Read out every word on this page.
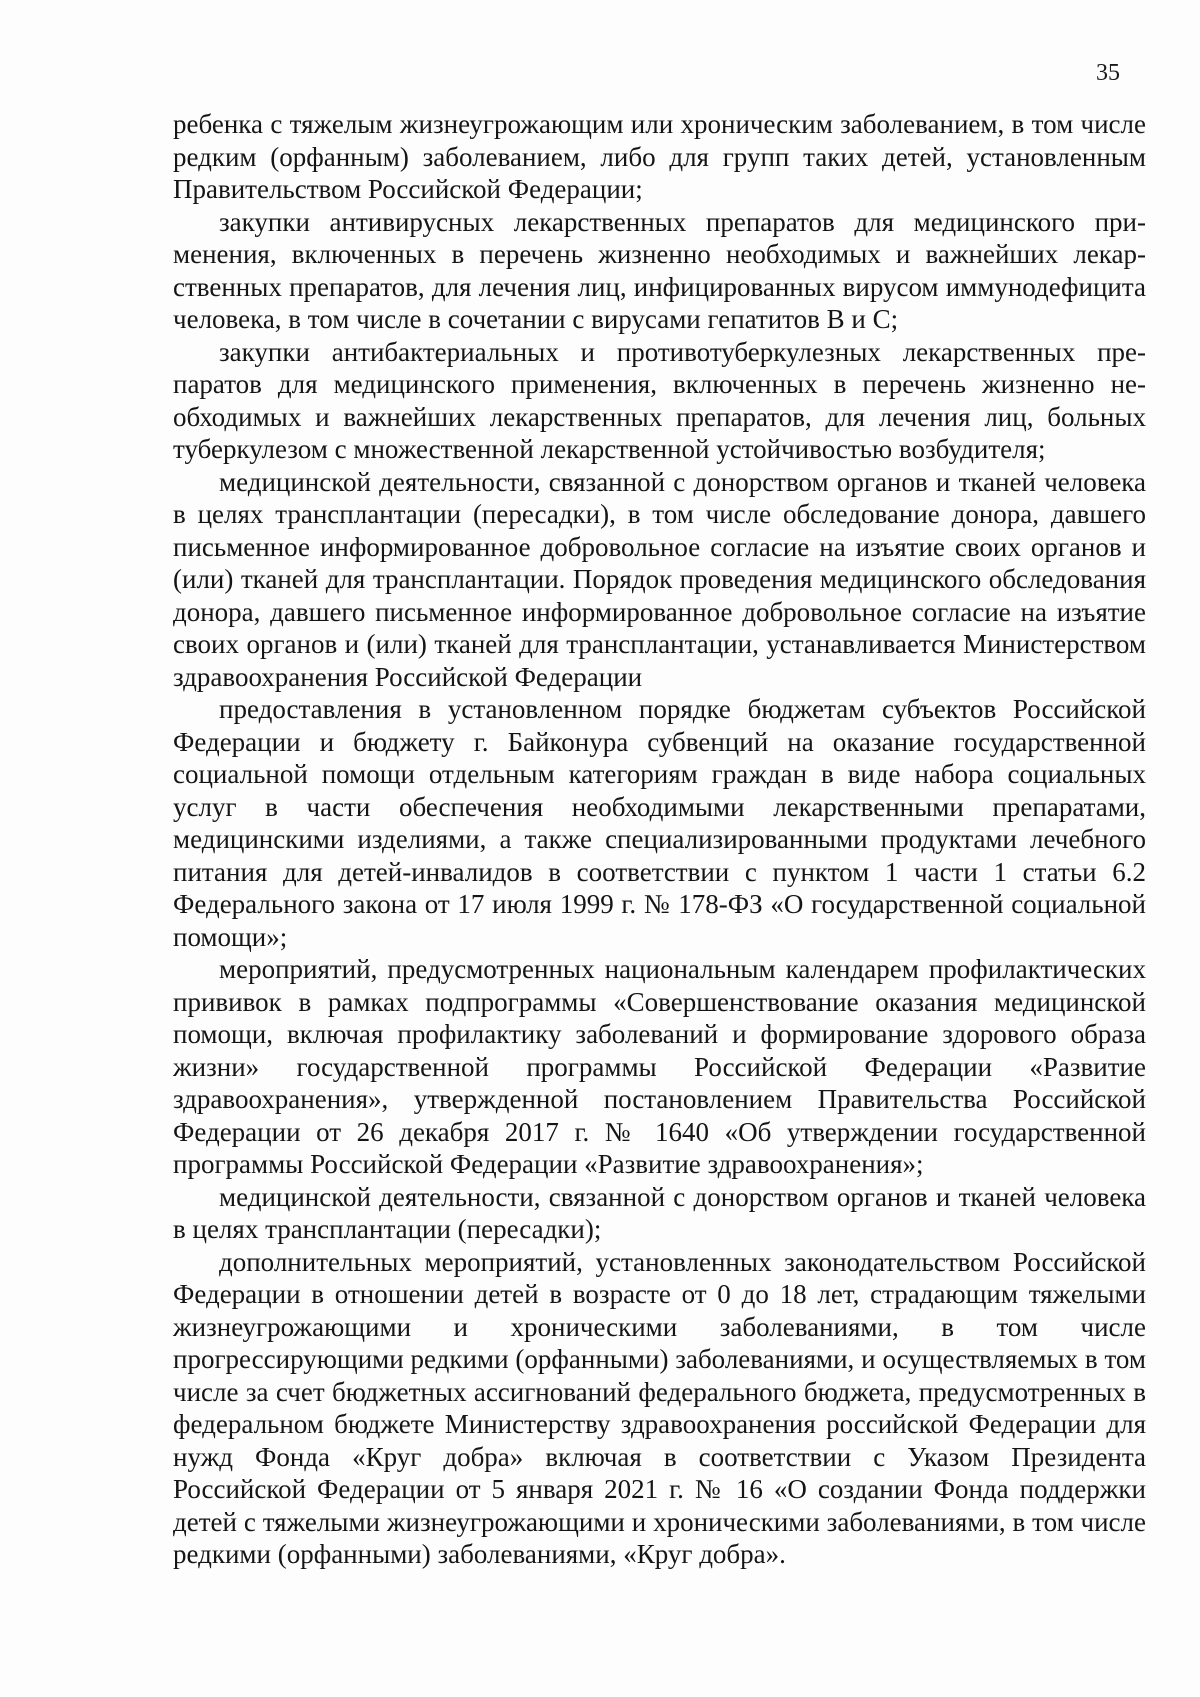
35

ребенка с тяжелым жизнеугрожающим или хроническим заболеванием, в том числе редким (орфанным) заболеванием, либо для групп таких детей, установленным Правительством Российской Федерации;

закупки антивирусных лекарственных препаратов для медицинского применения, включенных в перечень жизненно необходимых и важнейших лекарственных препаратов, для лечения лиц, инфицированных вирусом иммунодефицита человека, в том числе в сочетании с вирусами гепатитов В и С;

закупки антибактериальных и противотуберкулезных лекарственных препаратов для медицинского применения, включенных в перечень жизненно необходимых и важнейших лекарственных препаратов, для лечения лиц, больных туберкулезом с множественной лекарственной устойчивостью возбудителя;

медицинской деятельности, связанной с донорством органов и тканей человека в целях трансплантации (пересадки), в том числе обследование донора, давшего письменное информированное добровольное согласие на изъятие своих органов и (или) тканей для трансплантации. Порядок проведения медицинского обследования донора, давшего письменное информированное добровольное согласие на изъятие своих органов и (или) тканей для трансплантации, устанавливается Министерством здравоохранения Российской Федерации

предоставления в установленном порядке бюджетам субъектов Российской Федерации и бюджету г. Байконура субвенций на оказание государственной социальной помощи отдельным категориям граждан в виде набора социальных услуг в части обеспечения необходимыми лекарственными препаратами, медицинскими изделиями, а также специализированными продуктами лечебного питания для детей-инвалидов в соответствии с пунктом 1 части 1 статьи 6.2 Федерального закона от 17 июля 1999 г. № 178-ФЗ «О государственной социальной помощи»;

мероприятий, предусмотренных национальным календарем профилактических прививок в рамках подпрограммы «Совершенствование оказания медицинской помощи, включая профилактику заболеваний и формирование здорового образа жизни» государственной программы Российской Федерации «Развитие здравоохранения», утвержденной постановлением Правительства Российской Федерации от 26 декабря 2017 г. № 1640 «Об утверждении государственной программы Российской Федерации «Развитие здравоохранения»;

медицинской деятельности, связанной с донорством органов и тканей человека в целях трансплантации (пересадки);

дополнительных мероприятий, установленных законодательством Российской Федерации в отношении детей в возрасте от 0 до 18 лет, страдающим тяжелыми жизнеугрожающими и хроническими заболеваниями, в том числе прогрессирующими редкими (орфанными) заболеваниями, и осуществляемых в том числе за счет бюджетных ассигнований федерального бюджета, предусмотренных в федеральном бюджете Министерству здравоохранения российской Федерации для нужд Фонда «Круг добра» включая в соответствии с Указом Президента Российской Федерации от 5 января 2021 г. № 16 «О создании Фонда поддержки детей с тяжелыми жизнеугрожающими и хроническими заболеваниями, в том числе редкими (орфанными) заболеваниями, «Круг добра».
